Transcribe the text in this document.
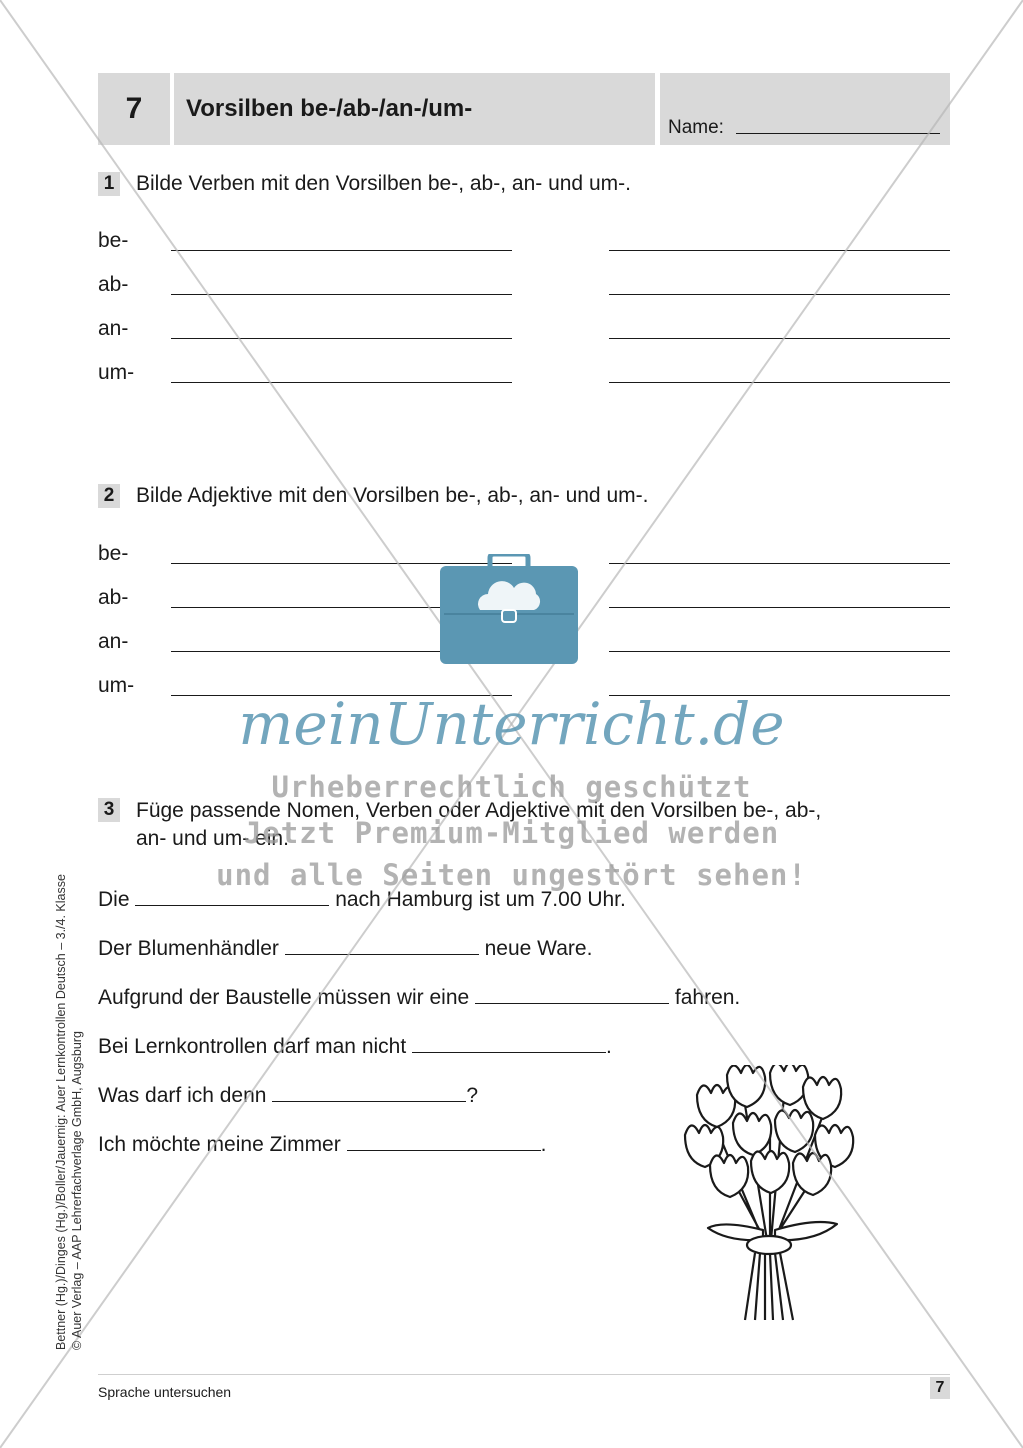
7	Vorsilben be-/ab-/an-/um-
Name:
1 Bilde Verben mit den Vorsilben be-, ab-, an- und um-.
be-
ab-
an-
um-
2 Bilde Adjektive mit den Vorsilben be-, ab-, an- und um-.
be-
ab-
an-
um-
3 Füge passende Nomen, Verben oder Adjektive mit den Vorsilben be-, ab-,
an- und um- ein.
Die	nach Hamburg ist um 7.00 Uhr.
Der Blumenhändler	neue Ware.
Aufgrund der Baustelle müssen wir eine	fahren.
Bei Lernkontrollen darf man nicht	.
Was darf ich denn	?
Ich möchte meine Zimmer	.
meinUnterricht.de
Urheberrechtlich geschützt
Jetzt Premium-Mitglied werden
und alle Seiten ungestört sehen!
Bettner (Hg.)/Dinges (Hg.)/Boller/Jauernig: Auer Lernkontrollen Deutsch – 3./4. Klasse © Auer Verlag – AAP Lehrerfachverlage GmbH, Augsburg
Sprache untersuchen	7
